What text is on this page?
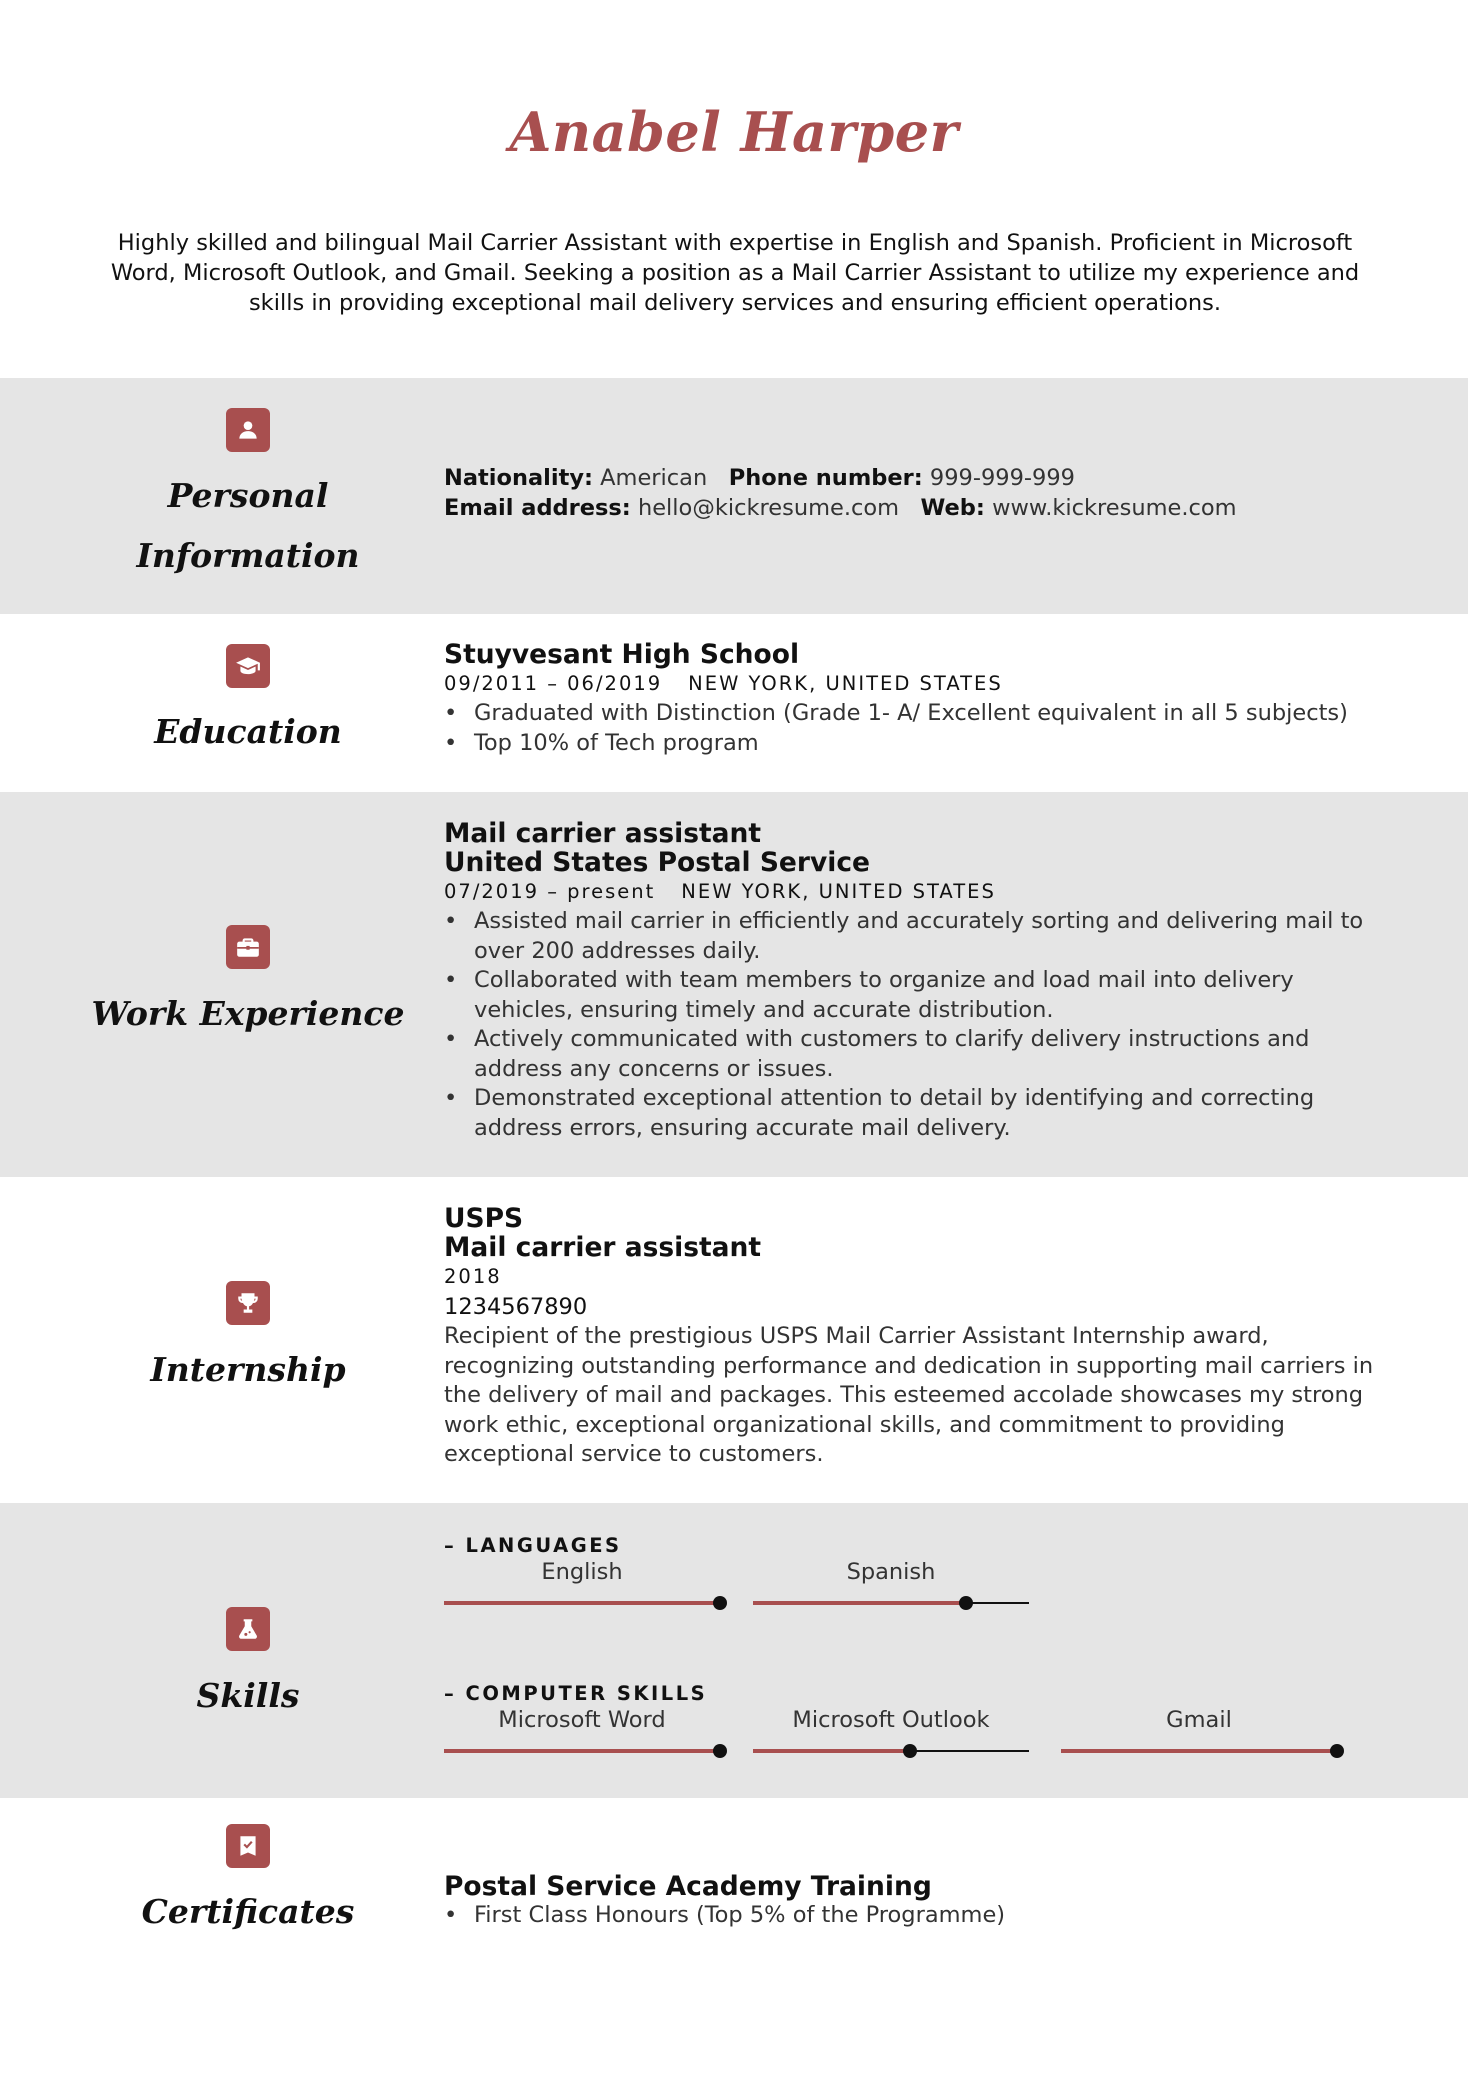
Anabel Harper
Highly skilled and bilingual Mail Carrier Assistant with expertise in English and Spanish. Proficient in Microsoft Word, Microsoft Outlook, and Gmail. Seeking a position as a Mail Carrier Assistant to utilize my experience and skills in providing exceptional mail delivery services and ensuring efficient operations.
Personal
Information
Nationality: American Phone number: 999-999-999
Email address: hello@kickresume.com Web: www.kickresume.com
Education
Stuyvesant High School
09/2011 – 06/2019 NEW YORK, UNITED STATES
• Graduated with Distinction (Grade 1- A/ Excellent equivalent in all 5 subjects)
• Top 10% of Tech program
Work Experience
Mail carrier assistant
United States Postal Service
07/2019 – present NEW YORK, UNITED STATES
• Assisted mail carrier in efficiently and accurately sorting and delivering mail to over 200 addresses daily.
• Collaborated with team members to organize and load mail into delivery vehicles, ensuring timely and accurate distribution.
• Actively communicated with customers to clarify delivery instructions and address any concerns or issues.
• Demonstrated exceptional attention to detail by identifying and correcting address errors, ensuring accurate mail delivery.
Internship
USPS
Mail carrier assistant
2018
1234567890
Recipient of the prestigious USPS Mail Carrier Assistant Internship award, recognizing outstanding performance and dedication in supporting mail carriers in the delivery of mail and packages. This esteemed accolade showcases my strong work ethic, exceptional organizational skills, and commitment to providing exceptional service to customers.
Skills
– LANGUAGES
English	Spanish
– COMPUTER SKILLS
Microsoft Word	Microsoft Outlook	Gmail
Certificates
Postal Service Academy Training
• First Class Honours (Top 5% of the Programme)
